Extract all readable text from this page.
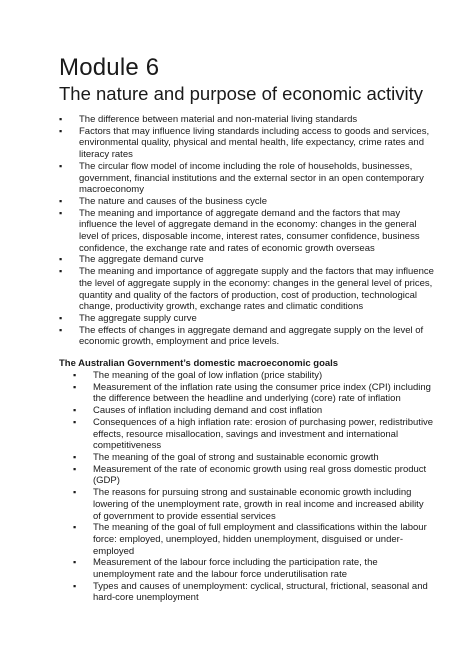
Module 6
The nature and purpose of economic activity
▪	The difference between material and non-material living standards
▪	Factors that may influence living standards including access to goods and services, environmental quality, physical and mental health, life expectancy, crime rates and literacy rates
▪	The circular flow model of income including the role of households, businesses, government, financial institutions and the external sector in an open contemporary macroeconomy
▪	The nature and causes of the business cycle
▪	The meaning and importance of aggregate demand and the factors that may influence the level of aggregate demand in the economy: changes in the general level of prices, disposable income, interest rates, consumer confidence, business confidence, the exchange rate and rates of economic growth overseas
▪	The aggregate demand curve
▪	The meaning and importance of aggregate supply and the factors that may influence the level of aggregate supply in the economy: changes in the general level of prices, quantity and quality of the factors of production, cost of production, technological change, productivity growth, exchange rates and climatic conditions
▪	The aggregate supply curve
▪	The effects of changes in aggregate demand and aggregate supply on the level of economic growth, employment and price levels.
The Australian Government’s domestic macroeconomic goals
▪	The meaning of the goal of low inflation (price stability)
▪	Measurement of the inflation rate using the consumer price index (CPI) including the difference between the headline and underlying (core) rate of inflation
▪	Causes of inflation including demand and cost inflation
▪	Consequences of a high inflation rate: erosion of purchasing power, redistributive effects, resource misallocation, savings and investment and international competitiveness
▪	The meaning of the goal of strong and sustainable economic growth
▪	Measurement of the rate of economic growth using real gross domestic product (GDP)
▪	The reasons for pursuing strong and sustainable economic growth including lowering of the unemployment rate, growth in real income and increased ability of government to provide essential services
▪	The meaning of the goal of full employment and classifications within the labour force: employed, unemployed, hidden unemployment, disguised or under-employed
▪	Measurement of the labour force including the participation rate, the unemployment rate and the labour force underutilisation rate
▪	Types and causes of unemployment: cyclical, structural, frictional, seasonal and hard-core unemployment
